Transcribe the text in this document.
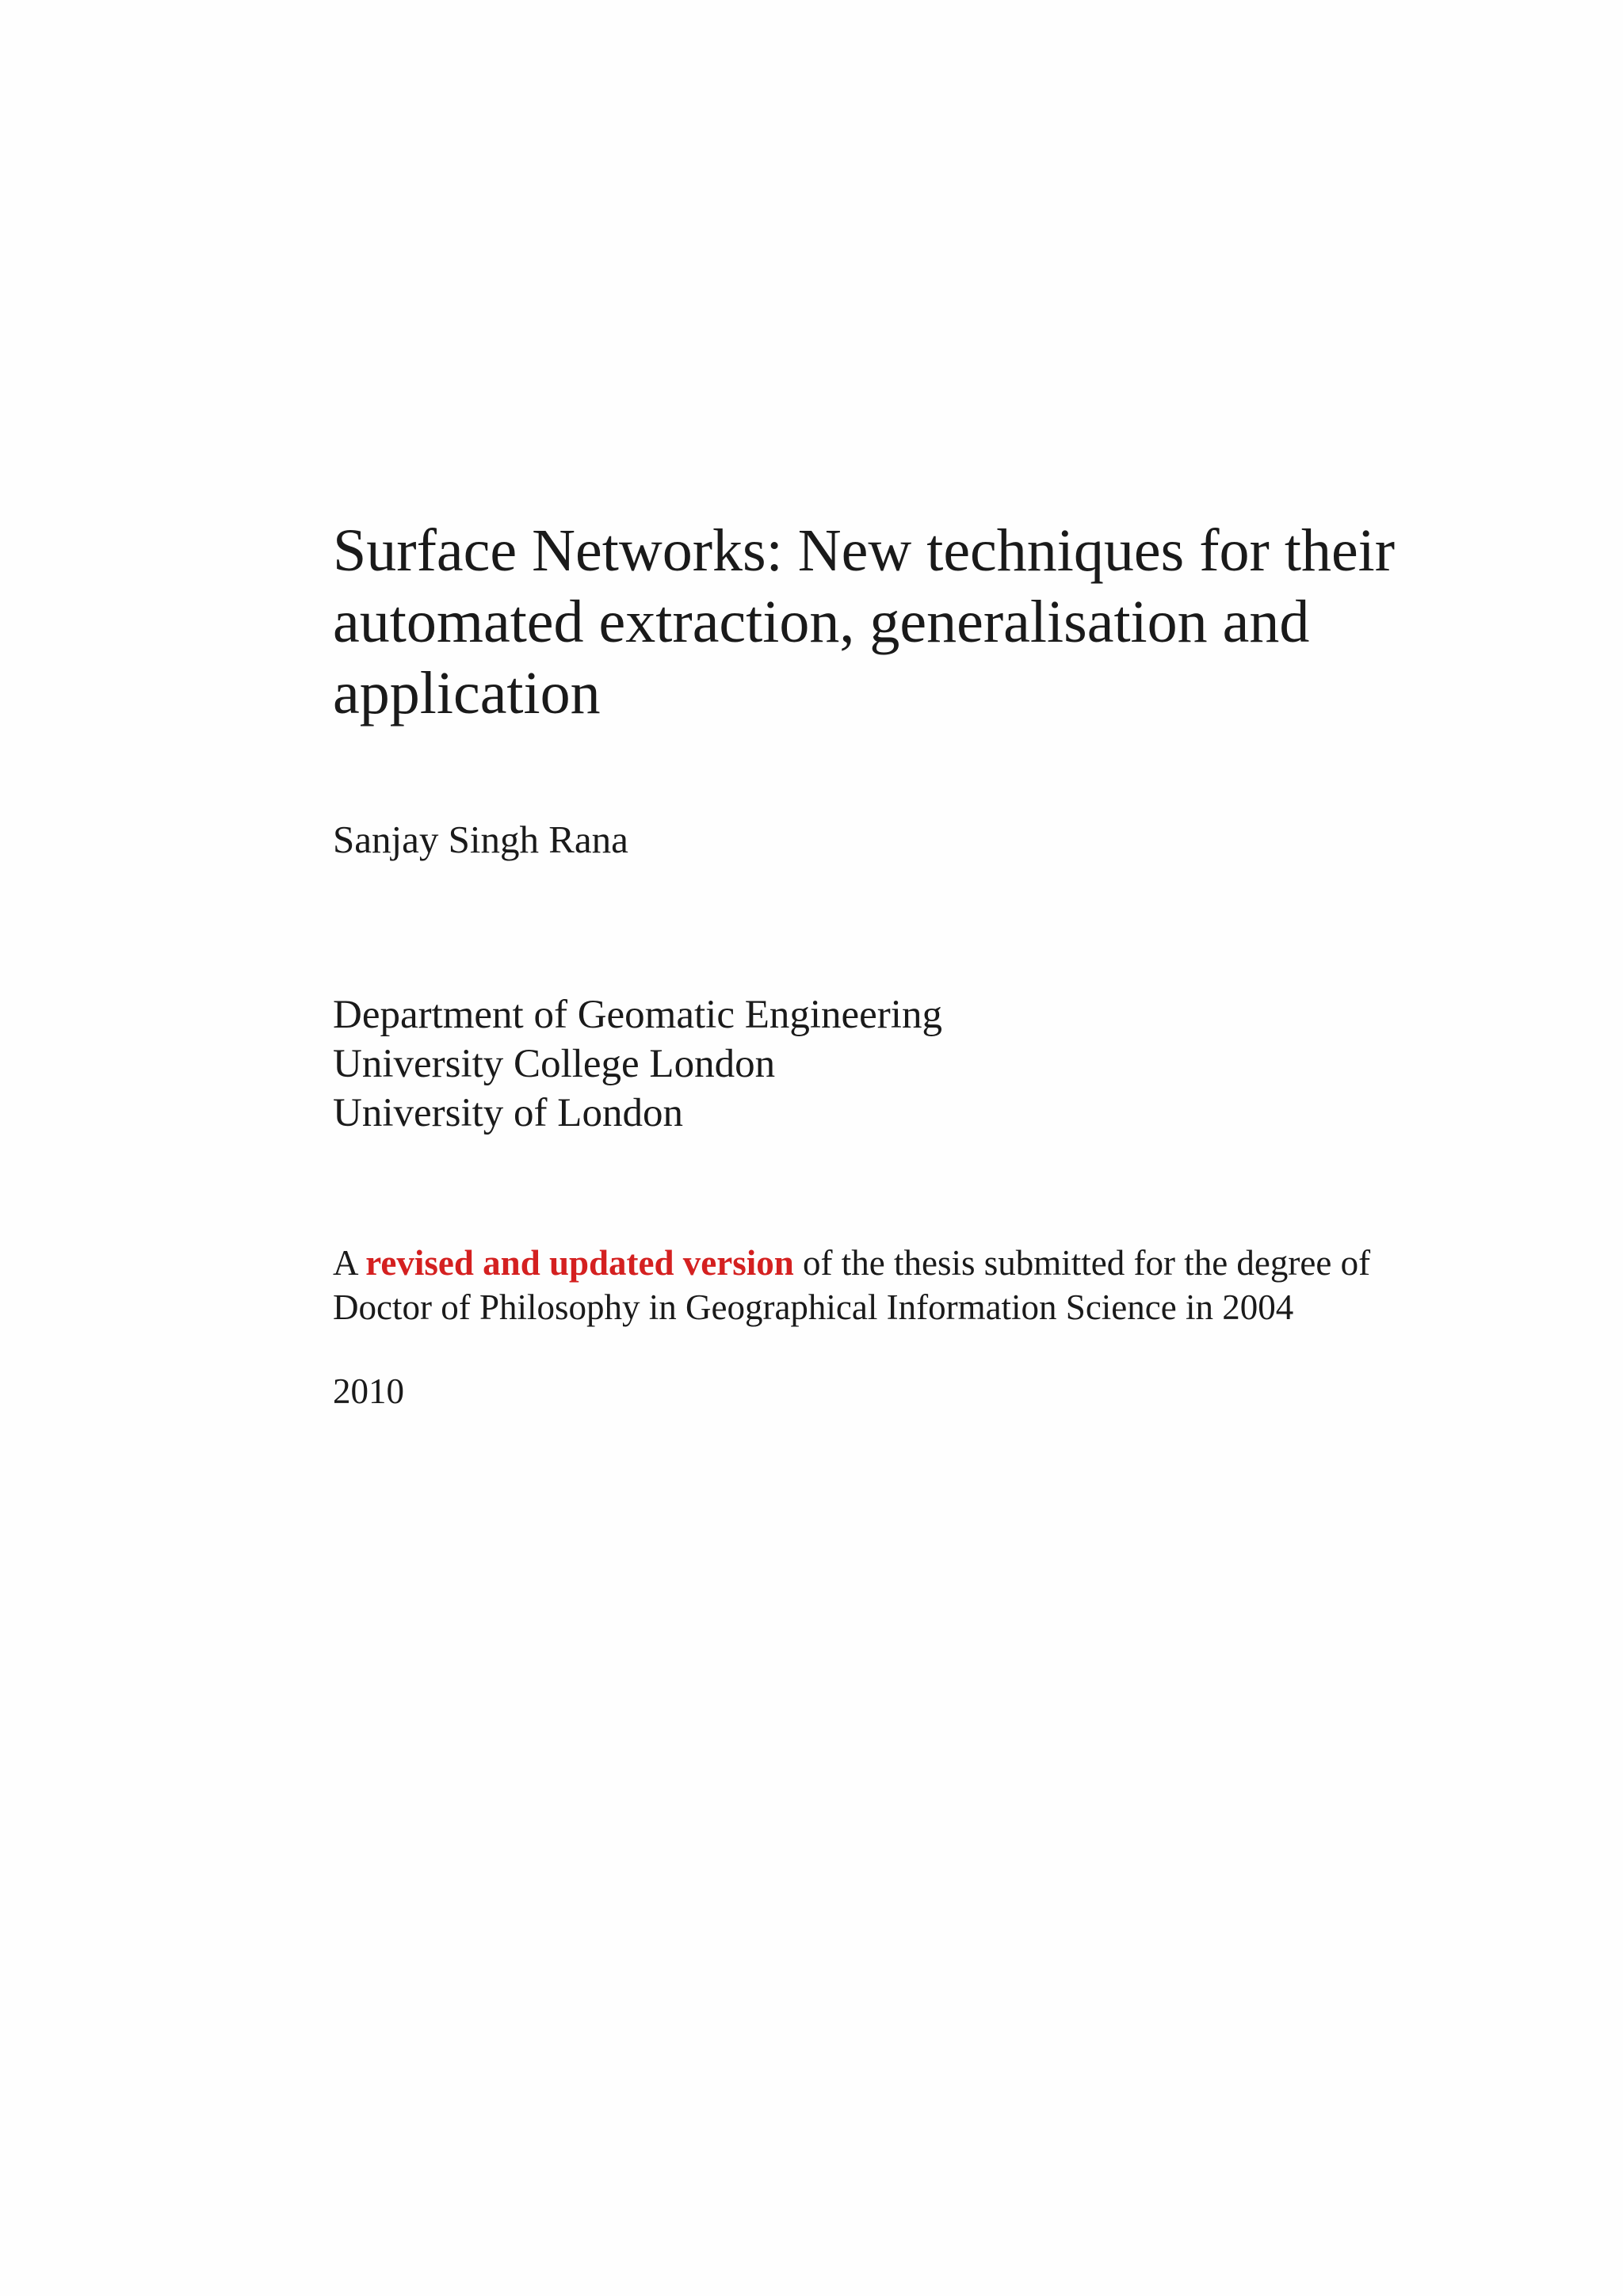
Surface Networks: New techniques for their automated extraction, generalisation and application
Sanjay Singh Rana
Department of Geomatic Engineering
University College London
University of London
A revised and updated version of the thesis submitted for the degree of
Doctor of Philosophy in Geographical Information Science in 2004
2010
